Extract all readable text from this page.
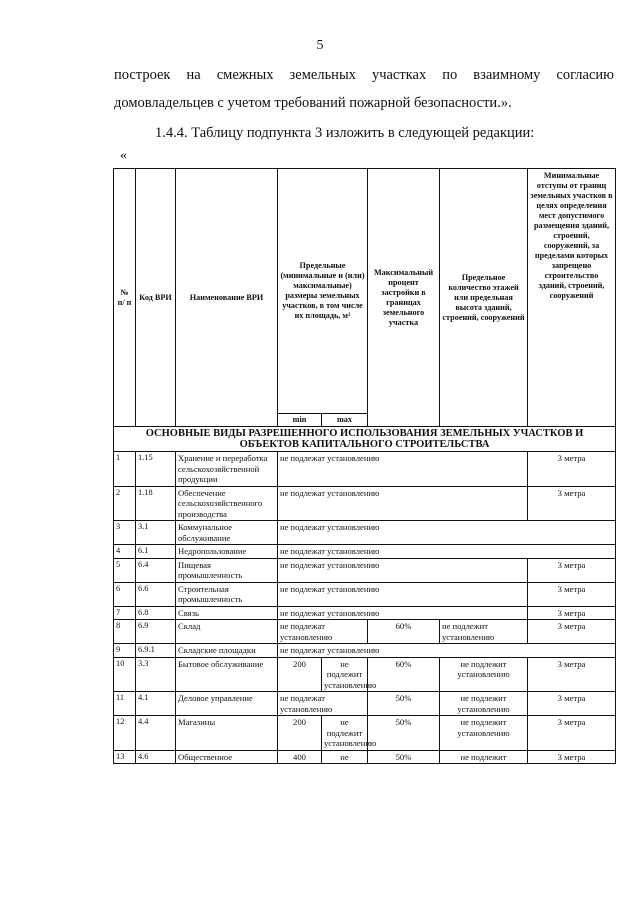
5
построек на смежных земельных участках по взаимному согласию
домовладельцев с учетом требований пожарной безопасности.».
1.4.4. Таблицу подпункта 3 изложить в следующей редакции:
«
№ п/ п	Код ВРИ	Наименование ВРИ	Предельные (минимальные и (или) максимальные) размеры земельных участков, в том числе их площадь, м²		Максимальный процент застройки в границах земельного участка	Предельное количество этажей или предельная высота зданий, строений, сооружений	Минимальные отступы от границ земельных участков в целях определения мест допустимого размещения зданий, строений, сооружений, за пределами которых запрещено строительство зданий, строений, сооружений
			min	max			
ОСНОВНЫЕ ВИДЫ РАЗРЕШЕННОГО ИСПОЛЬЗОВАНИЯ ЗЕМЕЛЬНЫХ УЧАСТКОВ И ОБЪЕКТОВ КАПИТАЛЬНОГО СТРОИТЕЛЬСТВА							
1	1.15	Хранение и переработка сельскохозяйственной продукции	не подлежат установлению				3 метра
2	1.18	Обеспечение сельскохозяйственного производства	не подлежат установлению				3 метра
3	3.1	Коммунальное обслуживание	не подлежат установлению				
4	6.1	Недропользование	не подлежат установлению				
5	6.4	Пищевая промышленность	не подлежат установлению				3 метра
6	6.6	Строительная промышленность	не подлежат установлению				3 метра
7	6.8	Связь	не подлежат установлению				3 метра
8	6.9	Склад	не подлежат установлению		60%	не подлежит установлению	3 метра
9	6.9.1	Складские площадки	не подлежат установлению				
10	3.3	Бытовое обслуживание	200	не подлежит установлению	60%	не подлежит установлению	3 метра
11	4.1	Деловое управление	не подлежат установлению		50%	не подлежит установлению	3 метра
12	4.4	Магазины	200	не подлежит установлению	50%	не подлежит установлению	3 метра
13	4.6	Общественное	400	не	50%	не подлежит	3 метра
